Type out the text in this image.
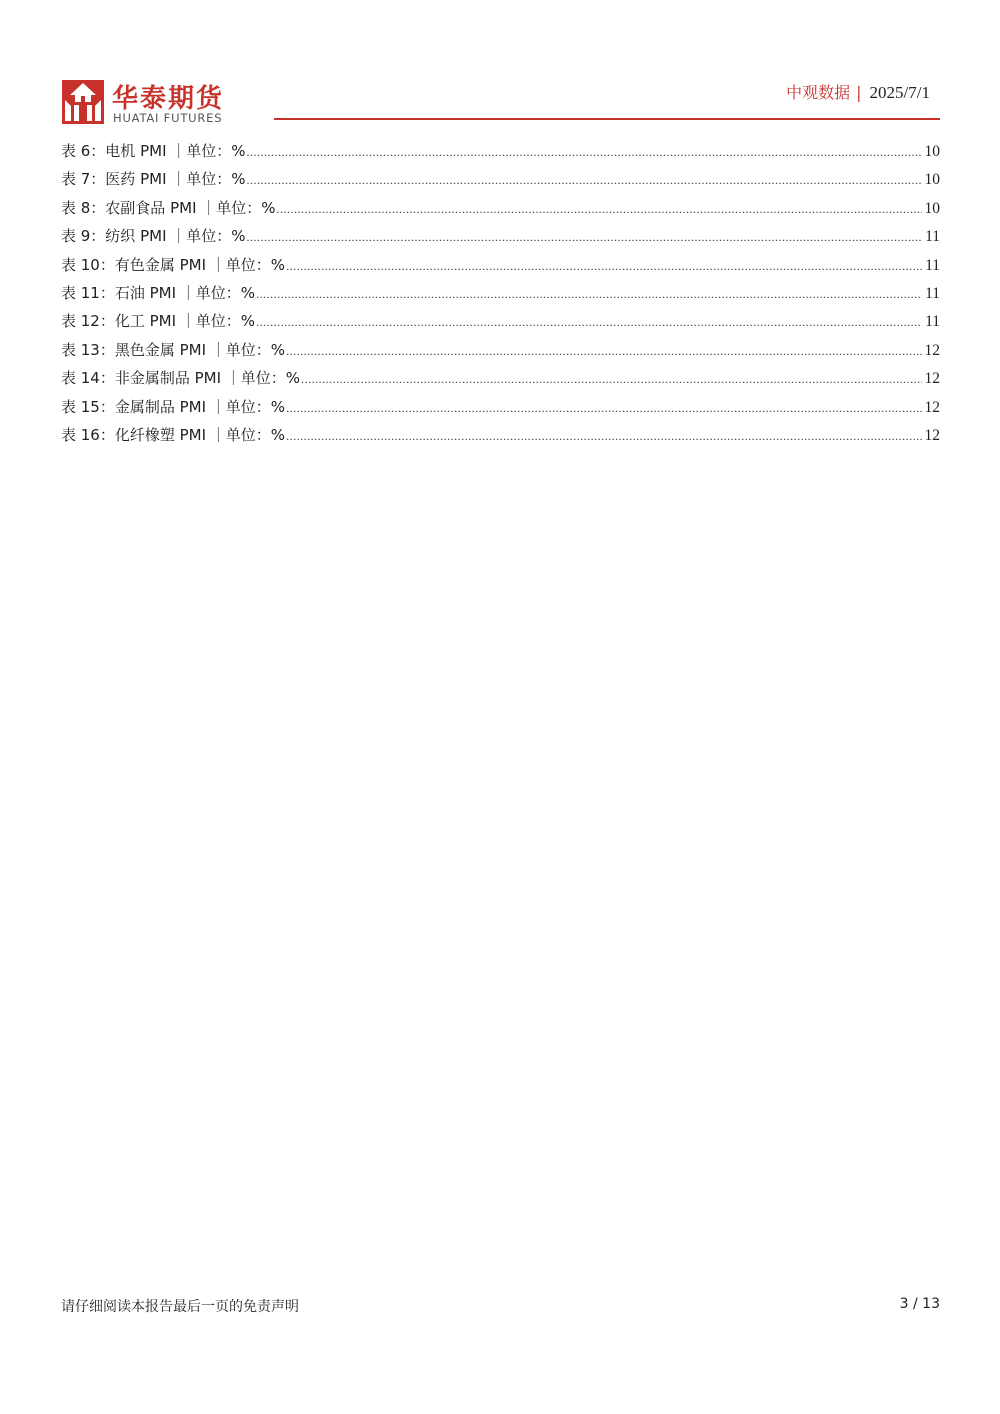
华泰期货
HUATAI FUTURES
中观数据 | 2025/7/1
表 6：电机 PMI ｜单位：% .....	10
表 7：医药 PMI ｜单位：% .....	10
表 8：农副食品 PMI ｜单位：% .....	10
表 9：纺织 PMI ｜单位：% .....	11
表 10：有色金属 PMI ｜单位：% .....	11
表 11：石油 PMI ｜单位：% .....	11
表 12：化工 PMI ｜单位：% .....	11
表 13：黑色金属 PMI ｜单位：% .....	12
表 14：非金属制品 PMI ｜单位：% .....	12
表 15：金属制品 PMI ｜单位：% .....	12
表 16：化纤橡塑 PMI ｜单位：% .....	12
请仔细阅读本报告最后一页的免责声明	3 / 13
